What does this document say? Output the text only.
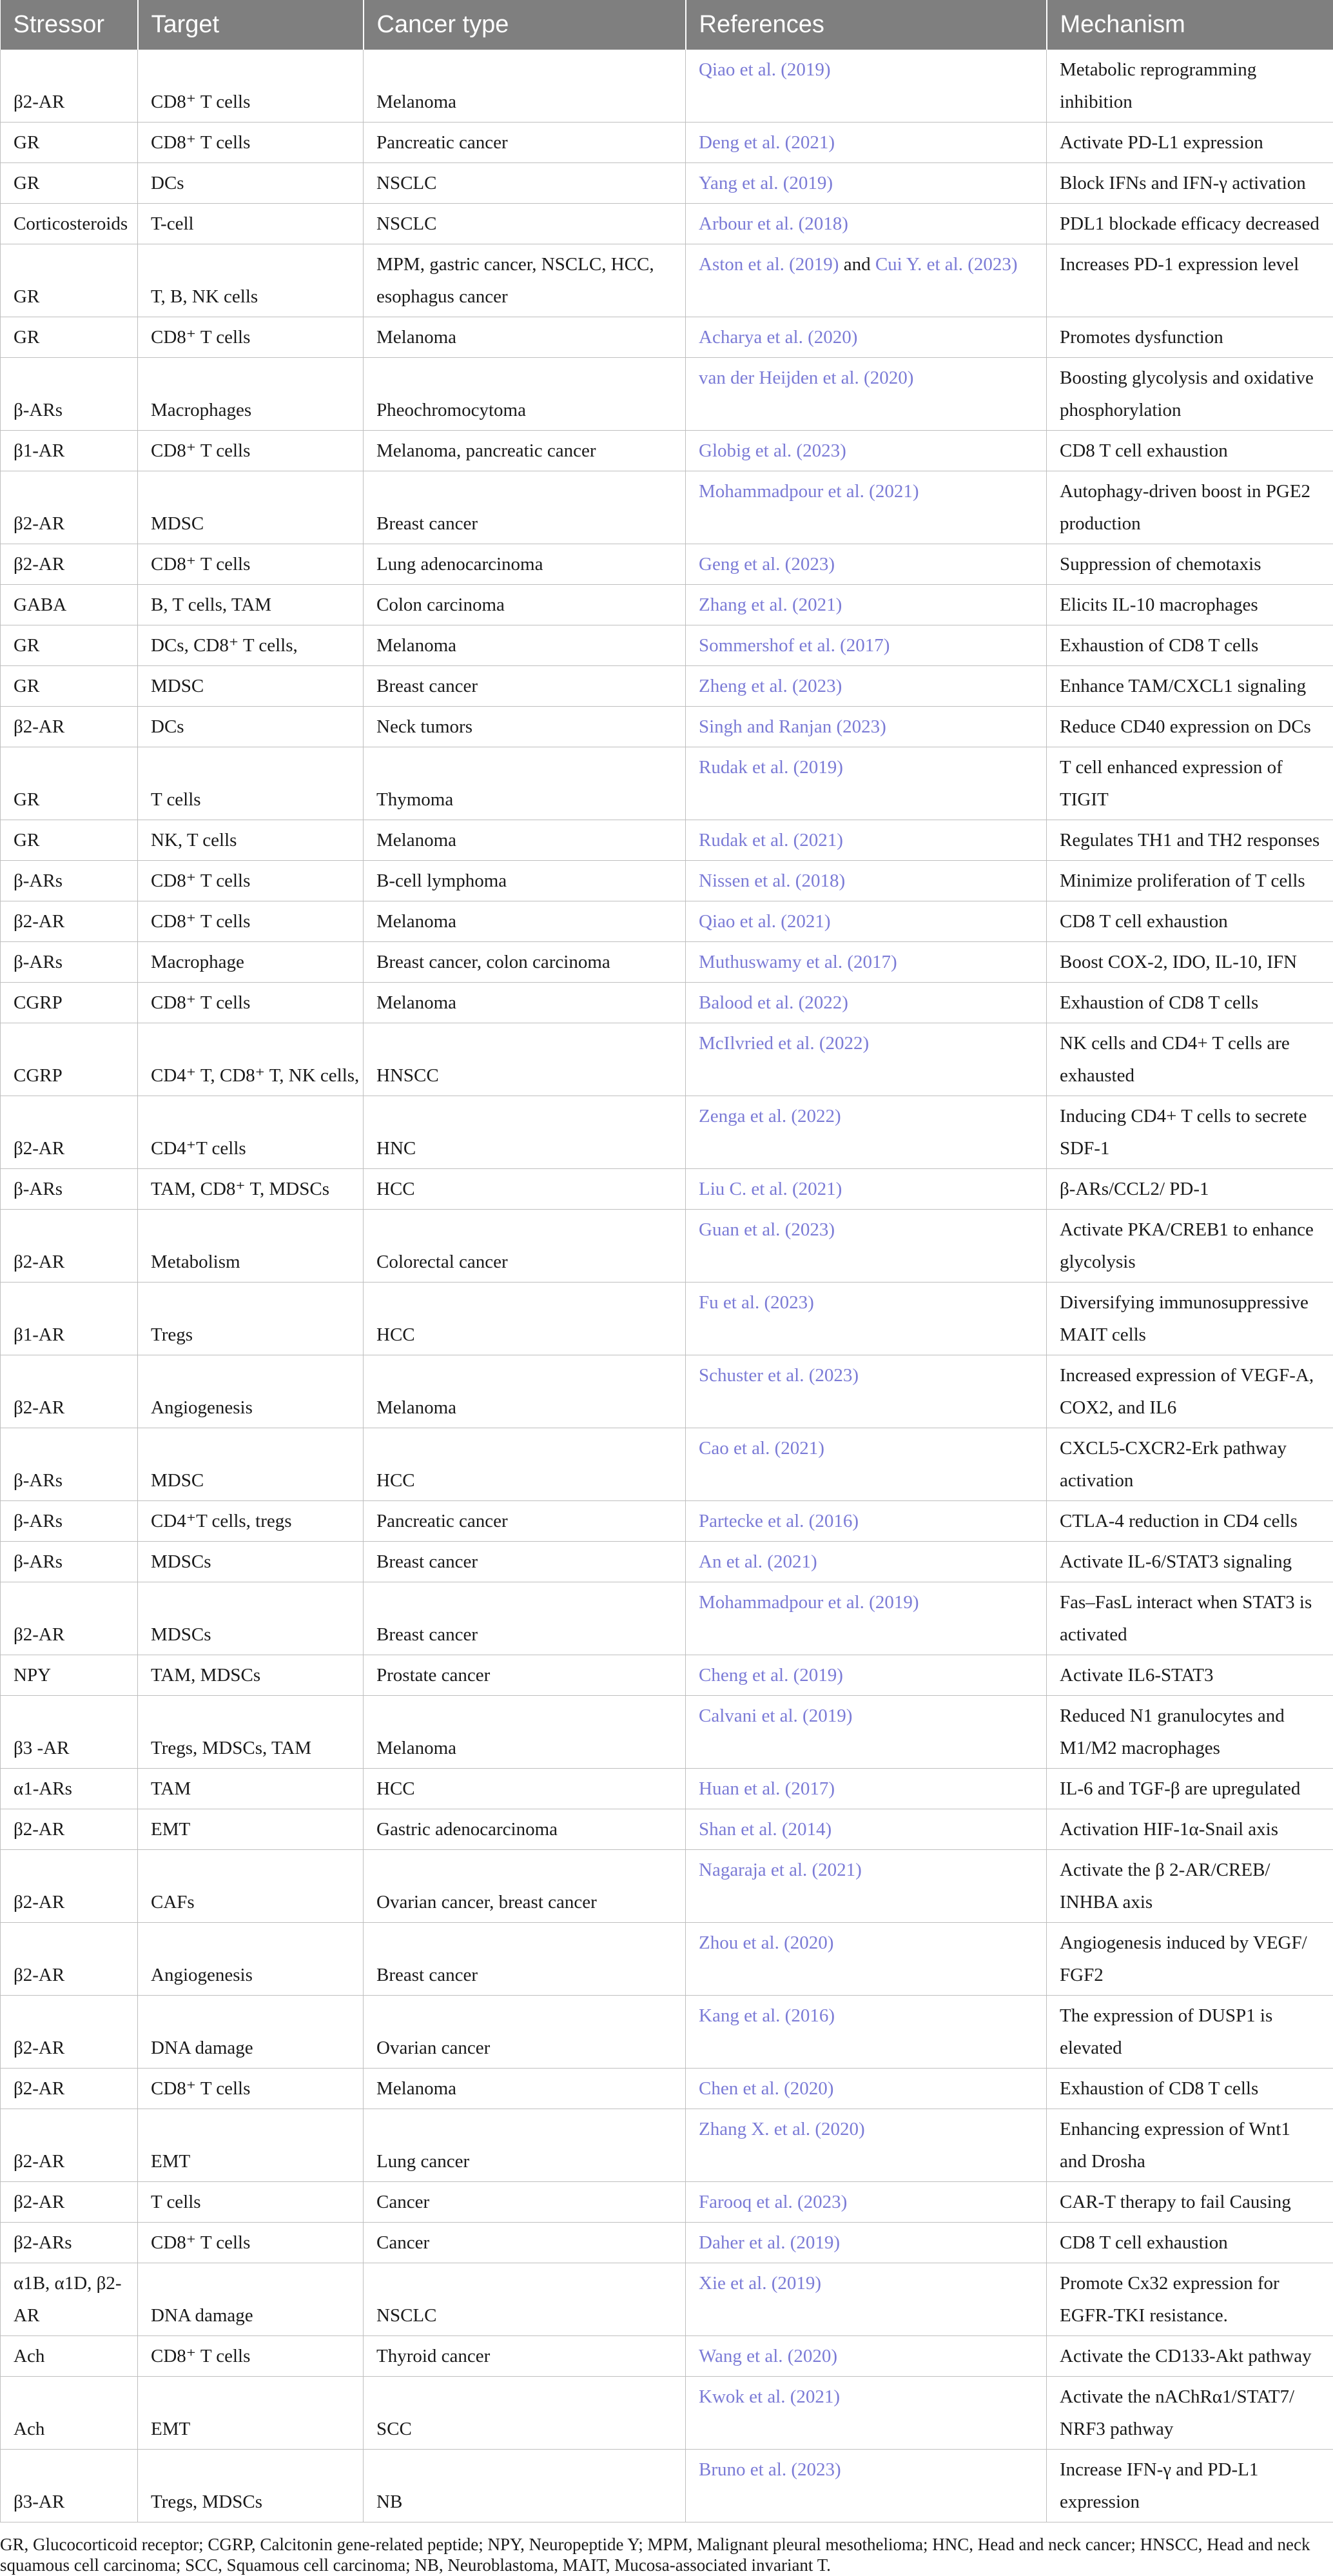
Stressor	Target	Cancer type	References	Mechanism
β2-AR	CD8⁺ T cells	Melanoma	Qiao et al. (2019)	Metabolic reprogramming inhibition
GR	CD8⁺ T cells	Pancreatic cancer	Deng et al. (2021)	Activate PD-L1 expression
GR	DCs	NSCLC	Yang et al. (2019)	Block IFNs and IFN-γ activation
Corticosteroids	T-cell	NSCLC	Arbour et al. (2018)	PDL1 blockade efficacy decreased
GR	T, B, NK cells	MPM, gastric cancer, NSCLC, HCC, esophagus cancer	Aston et al. (2019) and Cui Y. et al. (2023)	Increases PD-1 expression level
GR	CD8⁺ T cells	Melanoma	Acharya et al. (2020)	Promotes dysfunction
β-ARs	Macrophages	Pheochromocytoma	van der Heijden et al. (2020)	Boosting glycolysis and oxidative phosphorylation
β1-AR	CD8⁺ T cells	Melanoma, pancreatic cancer	Globig et al. (2023)	CD8 T cell exhaustion
β2-AR	MDSC	Breast cancer	Mohammadpour et al. (2021)	Autophagy-driven boost in PGE2 production
β2-AR	CD8⁺ T cells	Lung adenocarcinoma	Geng et al. (2023)	Suppression of chemotaxis
GABA	B, T cells, TAM	Colon carcinoma	Zhang et al. (2021)	Elicits IL-10 macrophages
GR	DCs, CD8⁺ T cells,	Melanoma	Sommershof et al. (2017)	Exhaustion of CD8 T cells
GR	MDSC	Breast cancer	Zheng et al. (2023)	Enhance TAM/CXCL1 signaling
β2-AR	DCs	Neck tumors	Singh and Ranjan (2023)	Reduce CD40 expression on DCs
GR	T cells	Thymoma	Rudak et al. (2019)	T cell enhanced expression of TIGIT
GR	NK, T cells	Melanoma	Rudak et al. (2021)	Regulates TH1 and TH2 responses
β-ARs	CD8⁺ T cells	B-cell lymphoma	Nissen et al. (2018)	Minimize proliferation of T cells
β2-AR	CD8⁺ T cells	Melanoma	Qiao et al. (2021)	CD8 T cell exhaustion
β-ARs	Macrophage	Breast cancer, colon carcinoma	Muthuswamy et al. (2017)	Boost COX-2, IDO, IL-10, IFN
CGRP	CD8⁺ T cells	Melanoma	Balood et al. (2022)	Exhaustion of CD8 T cells
CGRP	CD4⁺ T, CD8⁺ T, NK cells,	HNSCC	McIlvried et al. (2022)	NK cells and CD4+ T cells are exhausted
β2-AR	CD4⁺T cells	HNC	Zenga et al. (2022)	Inducing CD4+ T cells to secrete SDF-1
β-ARs	TAM, CD8⁺ T, MDSCs	HCC	Liu C. et al. (2021)	β-ARs/CCL2/ PD-1
β2-AR	Metabolism	Colorectal cancer	Guan et al. (2023)	Activate PKA/CREB1 to enhance glycolysis
β1-AR	Tregs	HCC	Fu et al. (2023)	Diversifying immunosuppressive MAIT cells
β2-AR	Angiogenesis	Melanoma	Schuster et al. (2023)	Increased expression of VEGF-A, COX2, and IL6
β-ARs	MDSC	HCC	Cao et al. (2021)	CXCL5-CXCR2-Erk pathway activation
β-ARs	CD4⁺T cells, tregs	Pancreatic cancer	Partecke et al. (2016)	CTLA-4 reduction in CD4 cells
β-ARs	MDSCs	Breast cancer	An et al. (2021)	Activate IL-6/STAT3 signaling
β2-AR	MDSCs	Breast cancer	Mohammadpour et al. (2019)	Fas–FasL interact when STAT3 is activated
NPY	TAM, MDSCs	Prostate cancer	Cheng et al. (2019)	Activate IL6-STAT3
β3 -AR	Tregs, MDSCs, TAM	Melanoma	Calvani et al. (2019)	Reduced N1 granulocytes and M1/M2 macrophages
α1-ARs	TAM	HCC	Huan et al. (2017)	IL-6 and TGF-β are upregulated
β2-AR	EMT	Gastric adenocarcinoma	Shan et al. (2014)	Activation HIF-1α-Snail axis
β2-AR	CAFs	Ovarian cancer, breast cancer	Nagaraja et al. (2021)	Activate the β 2-AR/CREB/ INHBA axis
β2-AR	Angiogenesis	Breast cancer	Zhou et al. (2020)	Angiogenesis induced by VEGF/ FGF2
β2-AR	DNA damage	Ovarian cancer	Kang et al. (2016)	The expression of DUSP1 is elevated
β2-AR	CD8⁺ T cells	Melanoma	Chen et al. (2020)	Exhaustion of CD8 T cells
β2-AR	EMT	Lung cancer	Zhang X. et al. (2020)	Enhancing expression of Wnt1 and Drosha
β2-AR	T cells	Cancer	Farooq et al. (2023)	CAR-T therapy to fail Causing
β2-ARs	CD8⁺ T cells	Cancer	Daher et al. (2019)	CD8 T cell exhaustion
α1B, α1D, β2-AR	DNA damage	NSCLC	Xie et al. (2019)	Promote Cx32 expression for EGFR-TKI resistance.
Ach	CD8⁺ T cells	Thyroid cancer	Wang et al. (2020)	Activate the CD133-Akt pathway
Ach	EMT	SCC	Kwok et al. (2021)	Activate the nAChRα1/STAT7/ NRF3 pathway
β3-AR	Tregs, MDSCs	NB	Bruno et al. (2023)	Increase IFN-γ and PD-L1 expression
GR, Glucocorticoid receptor; CGRP, Calcitonin gene-related peptide; NPY, Neuropeptide Y; MPM, Malignant pleural mesothelioma; HNC, Head and neck cancer; HNSCC, Head and neck squamous cell carcinoma; SCC, Squamous cell carcinoma; NB, Neuroblastoma, MAIT, Mucosa-associated invariant T.
